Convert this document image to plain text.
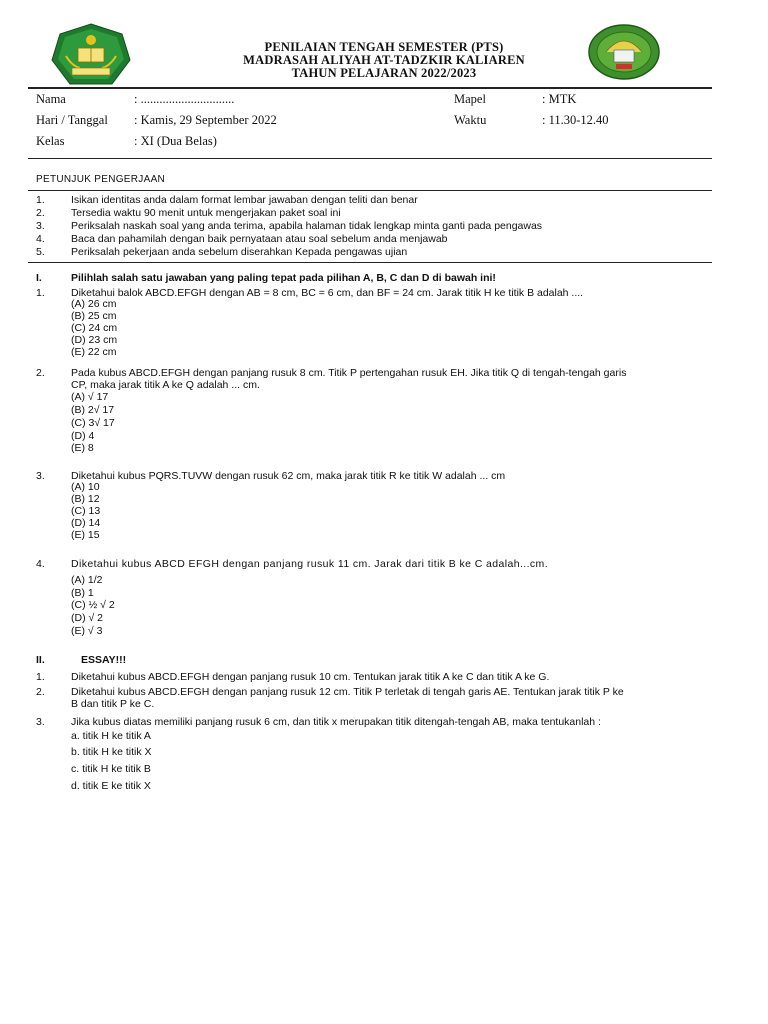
PENILAIAN TENGAH SEMESTER (PTS)
MADRASAH ALIYAH AT-TADZKIR KALIAREN
TAHUN PELAJARAN 2022/2023
Nama	: ..............................	Mapel	: MTK
Hari / Tanggal : Kamis, 29 September 2022	Waktu	: 11.30-12.40
Kelas	: XI (Dua Belas)
PETUNJUK PENGERJAAN
1. Isikan identitas anda dalam format lembar jawaban dengan teliti dan benar
2. Tersedia waktu 90 menit untuk mengerjakan paket soal ini
3. Periksalah naskah soal yang anda terima, apabila halaman tidak lengkap minta ganti pada pengawas
4. Baca dan pahamilah dengan baik pernyataan atau soal sebelum anda menjawab
5. Periksalah pekerjaan anda sebelum diserahkan Kepada pengawas ujian
I.	Pilihlah salah satu jawaban yang paling tepat pada pilihan A, B, C dan D di bawah ini!
1. Diketahui balok ABCD.EFGH dengan AB = 8 cm, BC = 6 cm, dan BF = 24 cm. Jarak titik H ke titik B adalah ....
(A) 26 cm
(B) 25 cm
(C) 24 cm
(D) 23 cm
(E) 22 cm
2. Pada kubus ABCD.EFGH dengan panjang rusuk 8 cm. Titik P pertengahan rusuk EH. Jika titik Q di tengah-tengah garis
CP, maka jarak titik A ke Q adalah ... cm.
(A) √ 17
(B) 2√ 17
(C) 3√ 17
(D) 4
(E) 8
3. Diketahui kubus PQRS.TUVW dengan rusuk 62 cm, maka jarak titik R ke titik W adalah ... cm
(A) 10
(B) 12
(C) 13
(D) 14
(E) 15
4. Diketahui kubus ABCD EFGH dengan panjang rusuk 11 cm. Jarak dari titik B ke C adalah...cm.
(A) 1/2
(B) 1
(C) ½ √ 2
(D) √ 2
(E) √ 3
II.	ESSAY!!!
1. Diketahui kubus ABCD.EFGH dengan panjang rusuk 10 cm. Tentukan jarak titik A ke C dan titik A ke G.
2. Diketahui kubus ABCD.EFGH dengan panjang rusuk 12 cm. Titik P terletak di tengah garis AE. Tentukan jarak titik P ke
B dan titik P ke C.
3. Jika kubus diatas memiliki panjang rusuk 6 cm, dan titik x merupakan titik ditengah-tengah AB, maka tentukanlah :
a. titik H ke titik A
b. titik H ke titik X
c. titik H ke titik B
d. titik E ke titik X
